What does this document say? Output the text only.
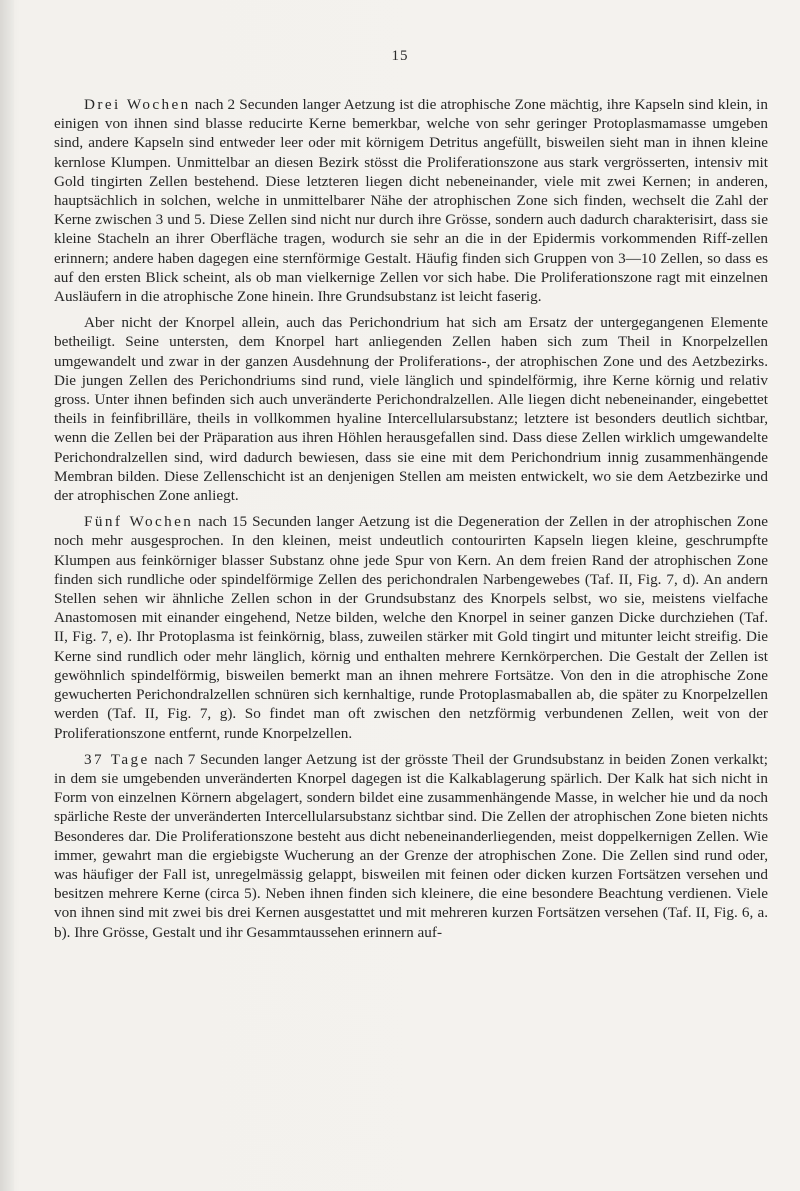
15

Drei Wochen nach 2 Secunden langer Aetzung ist die atrophische Zone mächtig, ihre Kapseln sind klein, in einigen von ihnen sind blasse reducirte Kerne bemerkbar, welche von sehr geringer Protoplasmamasse umgeben sind, andere Kapseln sind entweder leer oder mit körnigem Detritus angefüllt, bisweilen sieht man in ihnen kleine kernlose Klumpen. Unmittelbar an diesen Bezirk stösst die Proliferationszone aus stark vergrösserten, intensiv mit Gold tingirten Zellen bestehend. Diese letzteren liegen dicht nebeneinander, viele mit zwei Kernen; in anderen, hauptsächlich in solchen, welche in unmittelbarer Nähe der atrophischen Zone sich finden, wechselt die Zahl der Kerne zwischen 3 und 5. Diese Zellen sind nicht nur durch ihre Grösse, sondern auch dadurch charakterisirt, dass sie kleine Stacheln an ihrer Oberfläche tragen, wodurch sie sehr an die in der Epidermis vorkommenden Riff-zellen erinnern; andere haben dagegen eine sternförmige Gestalt. Häufig finden sich Gruppen von 3—10 Zellen, so dass es auf den ersten Blick scheint, als ob man vielkernige Zellen vor sich habe. Die Proliferationszone ragt mit einzelnen Ausläufern in die atrophische Zone hinein. Ihre Grundsubstanz ist leicht faserig.

Aber nicht der Knorpel allein, auch das Perichondrium hat sich am Ersatz der untergegangenen Elemente betheiligt. Seine untersten, dem Knorpel hart anliegenden Zellen haben sich zum Theil in Knorpelzellen umgewandelt und zwar in der ganzen Ausdehnung der Proliferations-, der atrophischen Zone und des Aetzbezirks. Die jungen Zellen des Perichondriums sind rund, viele länglich und spindelförmig, ihre Kerne körnig und relativ gross. Unter ihnen befinden sich auch unveränderte Perichondralzellen. Alle liegen dicht nebeneinander, eingebettet theils in feinfibrilläre, theils in vollkommen hyaline Intercellularsubstanz; letztere ist besonders deutlich sichtbar, wenn die Zellen bei der Präparation aus ihren Höhlen herausgefallen sind. Dass diese Zellen wirklich umgewandelte Perichondralzellen sind, wird dadurch bewiesen, dass sie eine mit dem Perichondrium innig zusammenhängende Membran bilden. Diese Zellenschicht ist an denjenigen Stellen am meisten entwickelt, wo sie dem Aetzbezirke und der atrophischen Zone anliegt.

Fünf Wochen nach 15 Secunden langer Aetzung ist die Degeneration der Zellen in der atrophischen Zone noch mehr ausgesprochen. In den kleinen, meist undeutlich contourirten Kapseln liegen kleine, geschrumpfte Klumpen aus feinkörniger blasser Substanz ohne jede Spur von Kern. An dem freien Rand der atrophischen Zone finden sich rundliche oder spindelförmige Zellen des perichondralen Narbengewebes (Taf. II, Fig. 7, d). An andern Stellen sehen wir ähnliche Zellen schon in der Grundsubstanz des Knorpels selbst, wo sie, meistens vielfache Anastomosen mit einander eingehend, Netze bilden, welche den Knorpel in seiner ganzen Dicke durchziehen (Taf. II, Fig. 7, e). Ihr Protoplasma ist feinkörnig, blass, zuweilen stärker mit Gold tingirt und mitunter leicht streifig. Die Kerne sind rundlich oder mehr länglich, körnig und enthalten mehrere Kernkörperchen. Die Gestalt der Zellen ist gewöhnlich spindelförmig, bisweilen bemerkt man an ihnen mehrere Fortsätze. Von den in die atrophische Zone gewucherten Perichondralzellen schnüren sich kernhaltige, runde Protoplasmaballen ab, die später zu Knorpelzellen werden (Taf. II, Fig. 7, g). So findet man oft zwischen den netzförmig verbundenen Zellen, weit von der Proliferationszone entfernt, runde Knorpelzellen.

37 Tage nach 7 Secunden langer Aetzung ist der grösste Theil der Grundsubstanz in beiden Zonen verkalkt; in dem sie umgebenden unveränderten Knorpel dagegen ist die Kalkablagerung spärlich. Der Kalk hat sich nicht in Form von einzelnen Körnern abgelagert, sondern bildet eine zusammenhängende Masse, in welcher hie und da noch spärliche Reste der unveränderten Intercellularsubstanz sichtbar sind. Die Zellen der atrophischen Zone bieten nichts Besonderes dar. Die Proliferationszone besteht aus dicht nebeneinanderliegenden, meist doppelkernigen Zellen. Wie immer, gewahrt man die ergiebigste Wucherung an der Grenze der atrophischen Zone. Die Zellen sind rund oder, was häufiger der Fall ist, unregelmässig gelappt, bisweilen mit feinen oder dicken kurzen Fortsätzen versehen und besitzen mehrere Kerne (circa 5). Neben ihnen finden sich kleinere, die eine besondere Beachtung verdienen. Viele von ihnen sind mit zwei bis drei Kernen ausgestattet und mit mehreren kurzen Fortsätzen versehen (Taf. II, Fig. 6, a. b). Ihre Grösse, Gestalt und ihr Gesammtaussehen erinnern auf-
